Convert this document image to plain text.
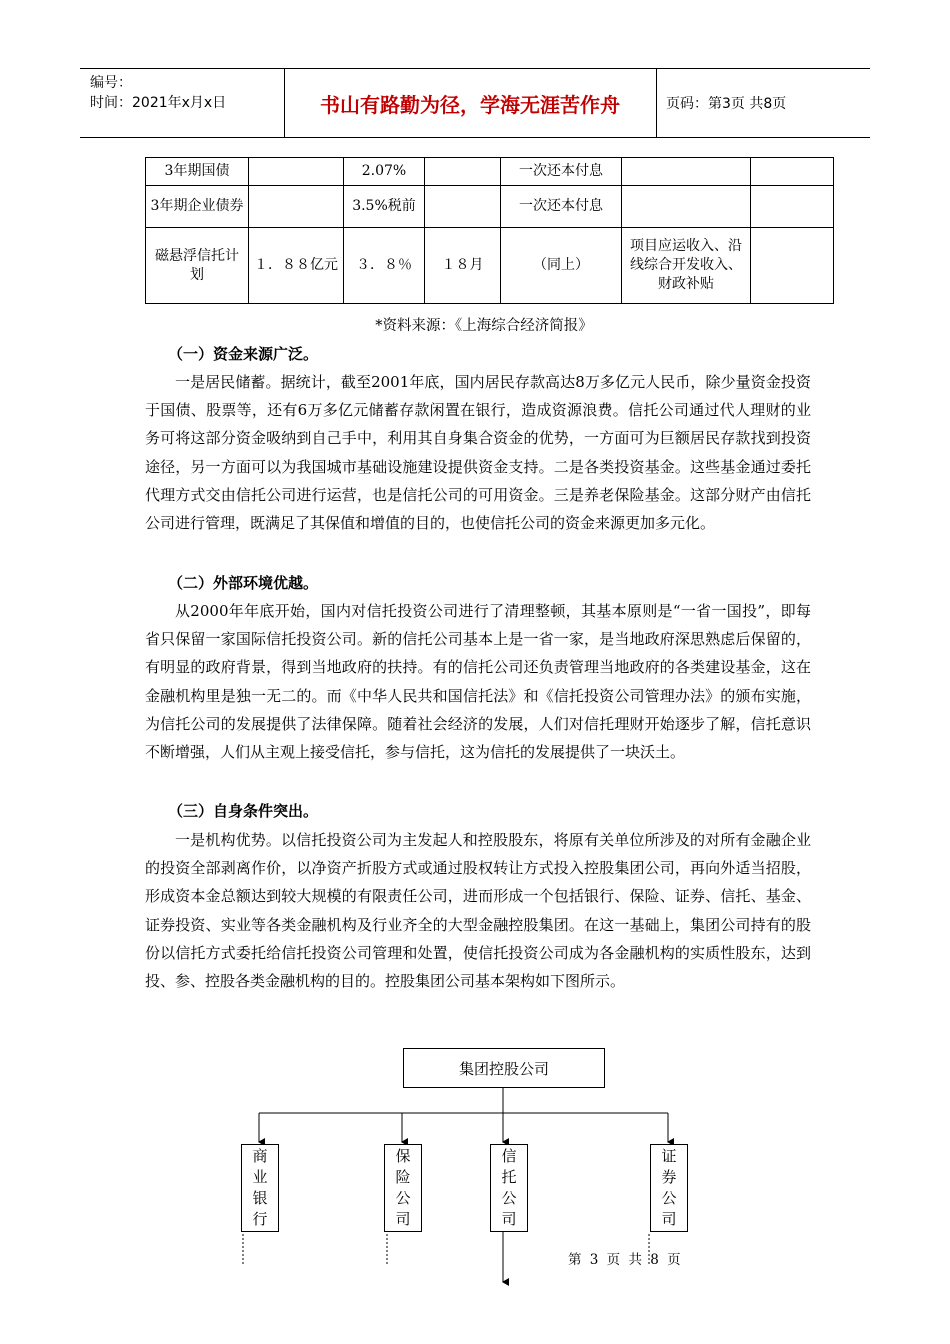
编号：
时间：2021年x月x日	书山有路勤为径，学海无涯苦作舟	页码：第3页 共8页
3年期国债		2.07%		一次还本付息		
3年期企业债券		3.5%税前		一次还本付息		
磁悬浮信托计划	１．８８亿元	３．８％	１８月	（同上）	项目应运收入、沿线综合开发收入、财政补贴	
*资料来源：《上海综合经济简报》
（一）资金来源广泛。

一是居民储蓄。据统计，截至2001年底，国内居民存款高达8万多亿元人民币，除少量资金投资于国债、股票等，还有6万多亿元储蓄存款闲置在银行，造成资源浪费。信托公司通过代人理财的业务可将这部分资金吸纳到自己手中，利用其自身集合资金的优势，一方面可为巨额居民存款找到投资途径，另一方面可以为我国城市基础设施建设提供资金支持。二是各类投资基金。这些基金通过委托代理方式交由信托公司进行运营，也是信托公司的可用资金。三是养老保险基金。这部分财产由信托公司进行管理，既满足了其保值和增值的目的，也使信托公司的资金来源更加多元化。

（二）外部环境优越。

从2000年年底开始，国内对信托投资公司进行了清理整顿，其基本原则是“一省一国投”，即每省只保留一家国际信托投资公司。新的信托公司基本上是一省一家，是当地政府深思熟虑后保留的，有明显的政府背景，得到当地政府的扶持。有的信托公司还负责管理当地政府的各类建设基金，这在金融机构里是独一无二的。而《中华人民共和国信托法》和《信托投资公司管理办法》的颁布实施，为信托公司的发展提供了法律保障。随着社会经济的发展，人们对信托理财开始逐步了解，信托意识不断增强，人们从主观上接受信托，参与信托，这为信托的发展提供了一块沃土。

（三）自身条件突出。

一是机构优势。以信托投资公司为主发起人和控股股东，将原有关单位所涉及的对所有金融企业的投资全部剥离作价，以净资产折股方式或通过股权转让方式投入控股集团公司，再向外适当招股，形成资本金总额达到较大规模的有限责任公司，进而形成一个包括银行、保险、证券、信托、基金、证券投资、实业等各类金融机构及行业齐全的大型金融控股集团。在这一基础上，集团公司持有的股份以信托方式委托给信托投资公司管理和处置，使信托投资公司成为各金融机构的实质性股东，达到投、参、控股各类金融机构的目的。控股集团公司基本架构如下图所示。

集团控股公司
商
业
银
行
保
险
公
司
信
托
公
司
证
券
公
司
第 3 页 共 8 页
